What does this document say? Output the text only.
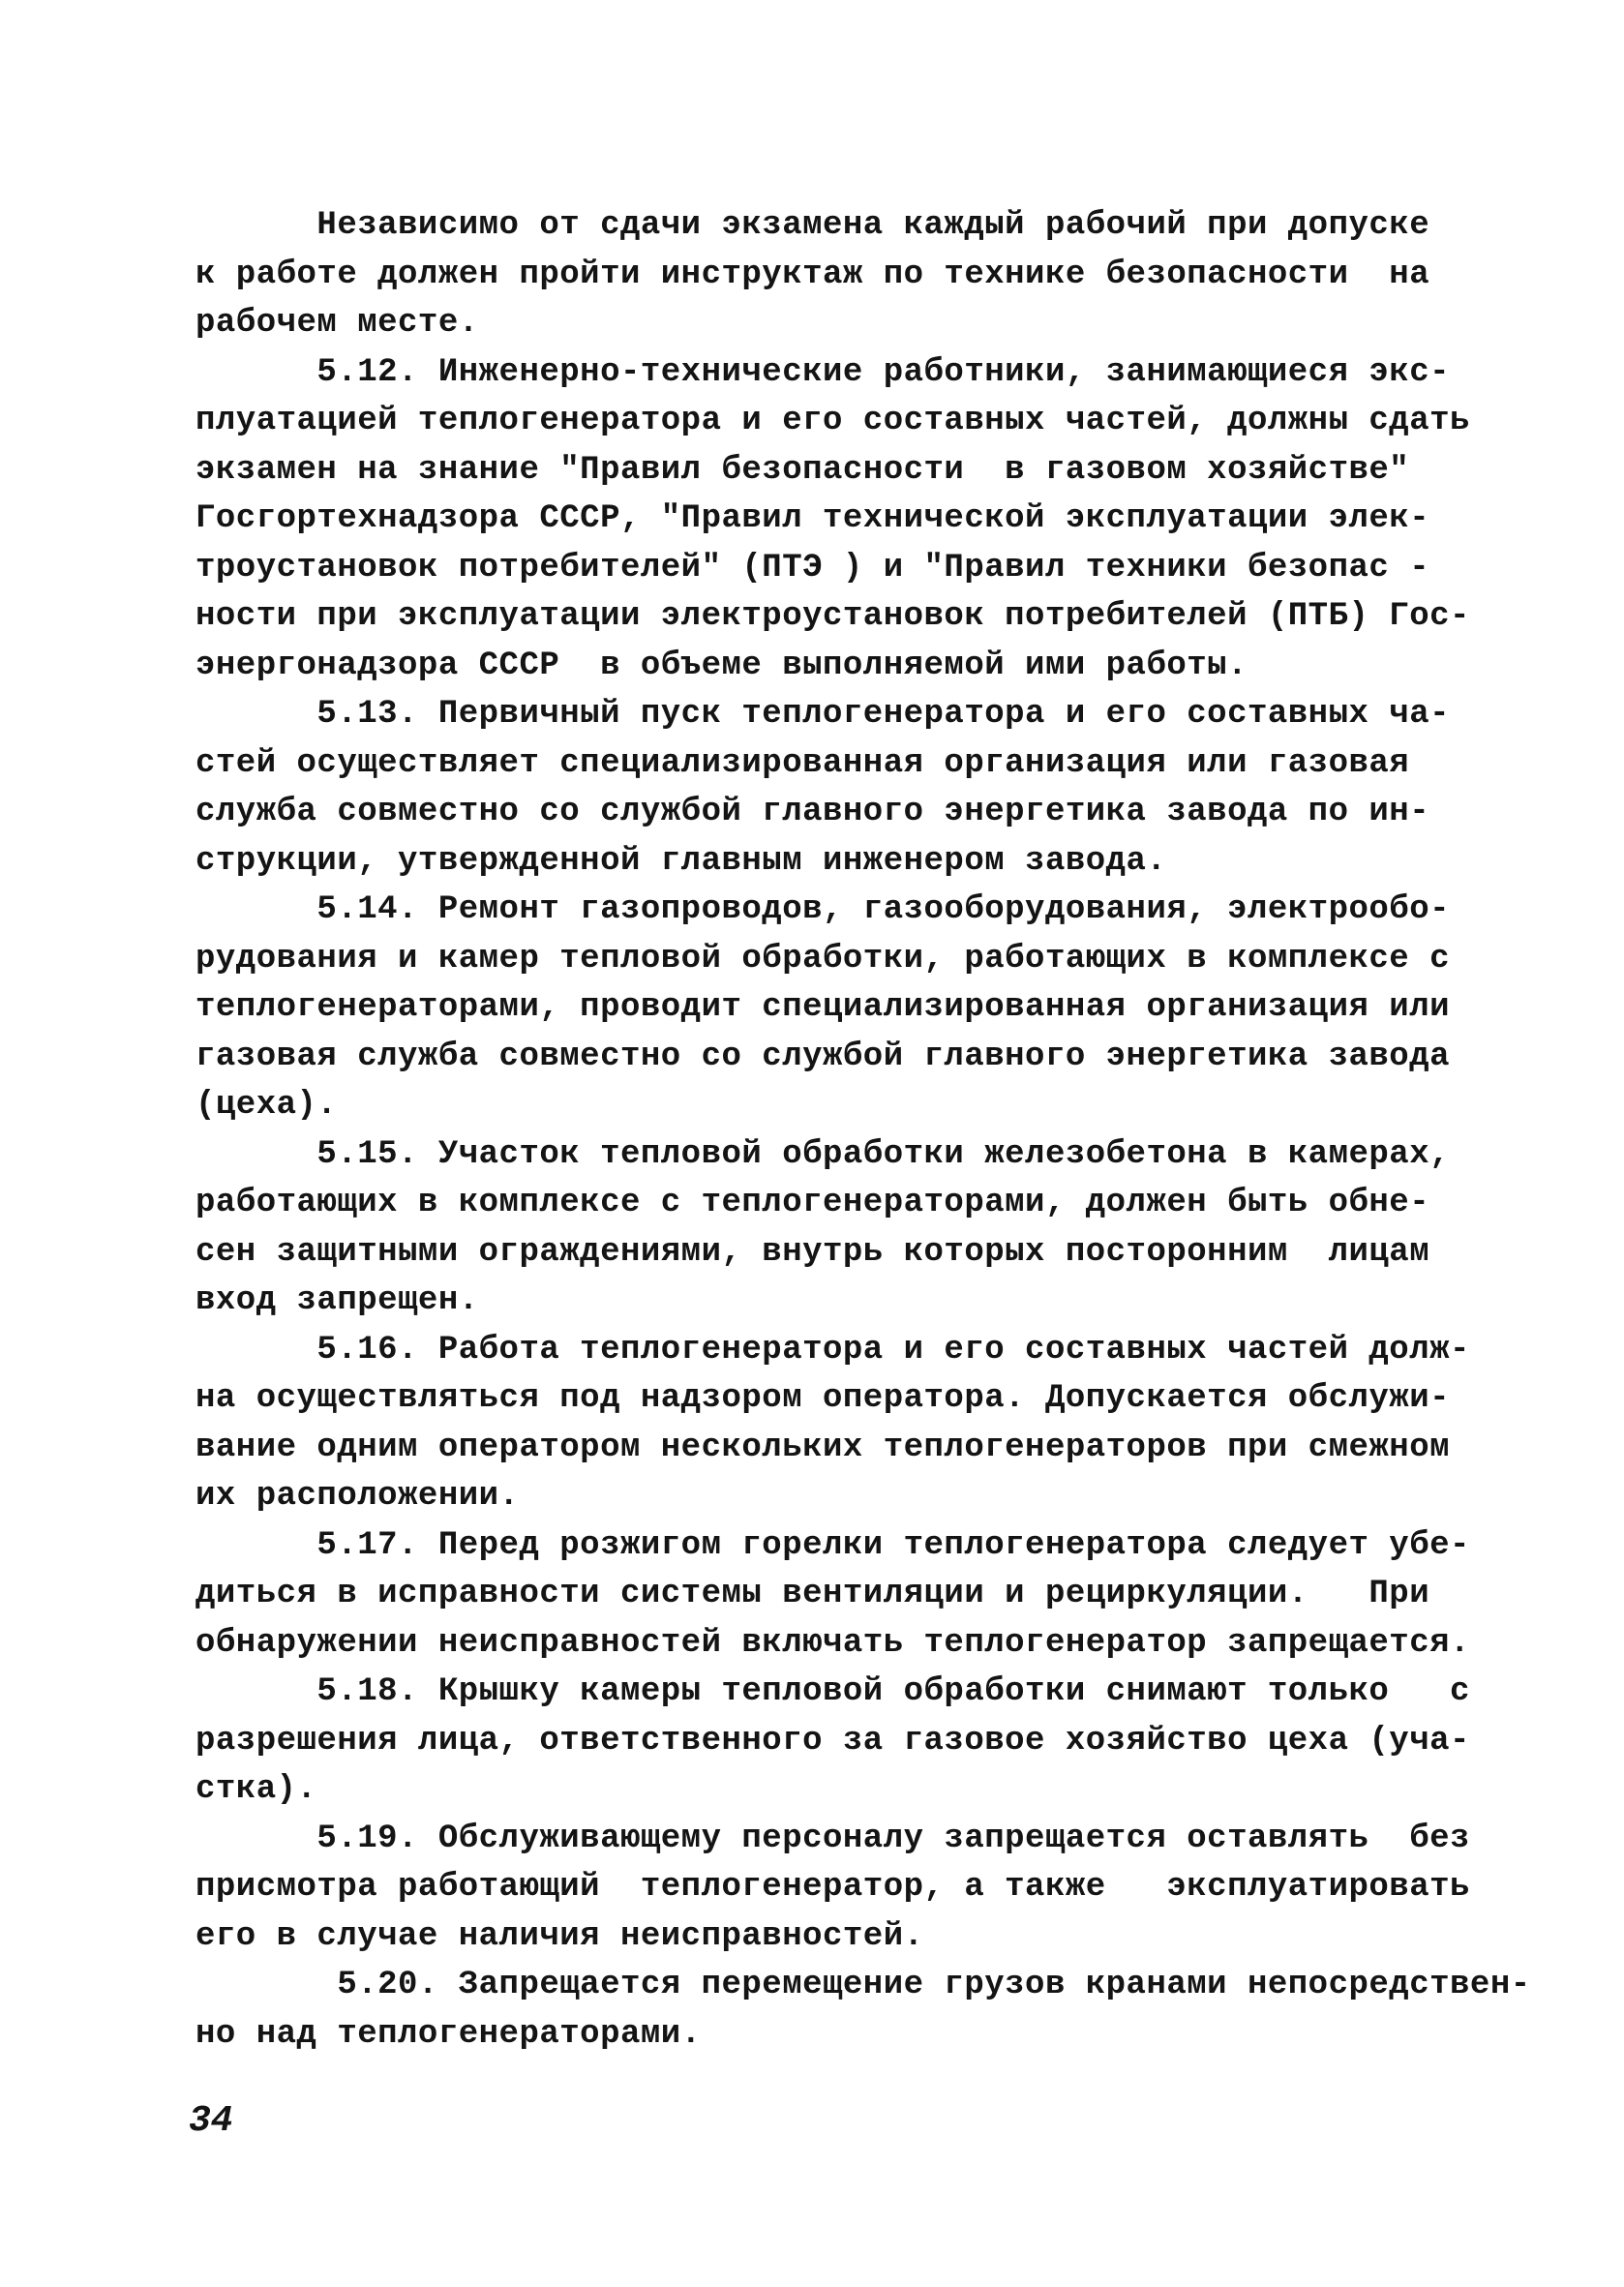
Независимо от сдачи экзамена каждый рабочий при допуске
к работе должен пройти инструктаж по технике безопасности  на
рабочем месте.
5.12. Инженерно-технические работники, занимающиеся экс-
плуатацией теплогенератора и его составных частей, должны сдать
экзамен на знание "Правил безопасности  в газовом хозяйстве"
Госгортехнадзора СССР, "Правил технической эксплуатации элек-
троустановок потребителей" (ПТЭ ) и "Правил техники безопас -
ности при эксплуатации электроустановок потребителей (ПТБ) Гос-
энергонадзора СССР  в объеме выполняемой ими работы.
5.13. Первичный пуск теплогенератора и его составных ча-
стей осуществляет специализированная организация или газовая
служба совместно со службой главного энергетика завода по ин-
струкции, утвержденной главным инженером завода.
5.14. Ремонт газопроводов, газооборудования, электрообо-
рудования и камер тепловой обработки, работающих в комплексе с
теплогенераторами, проводит специализированная организация или
газовая служба совместно со службой главного энергетика завода
(цеха).
5.15. Участок тепловой обработки железобетона в камерах,
работающих в комплексе с теплогенераторами, должен быть обне-
сен защитными ограждениями, внутрь которых посторонним  лицам
вход запрещен.
5.16. Работа теплогенератора и его составных частей долж-
на осуществляться под надзором оператора. Допускается обслужи-
вание одним оператором нескольких теплогенераторов при смежном
их расположении.
5.17. Перед розжигом горелки теплогенератора следует убе-
диться в исправности системы вентиляции и рециркуляции.   При
обнаружении неисправностей включать теплогенератор запрещается.
5.18. Крышку камеры тепловой обработки снимают только   с
разрешения лица, ответственного за газовое хозяйство цеха (уча-
стка).
5.19. Обслуживающему персоналу запрещается оставлять  без
присмотра работающий  теплогенератор, а также   эксплуатировать
его в случае наличия неисправностей.
5.20. Запрещается перемещение грузов кранами непосредствен-
но над теплогенераторами.
34
